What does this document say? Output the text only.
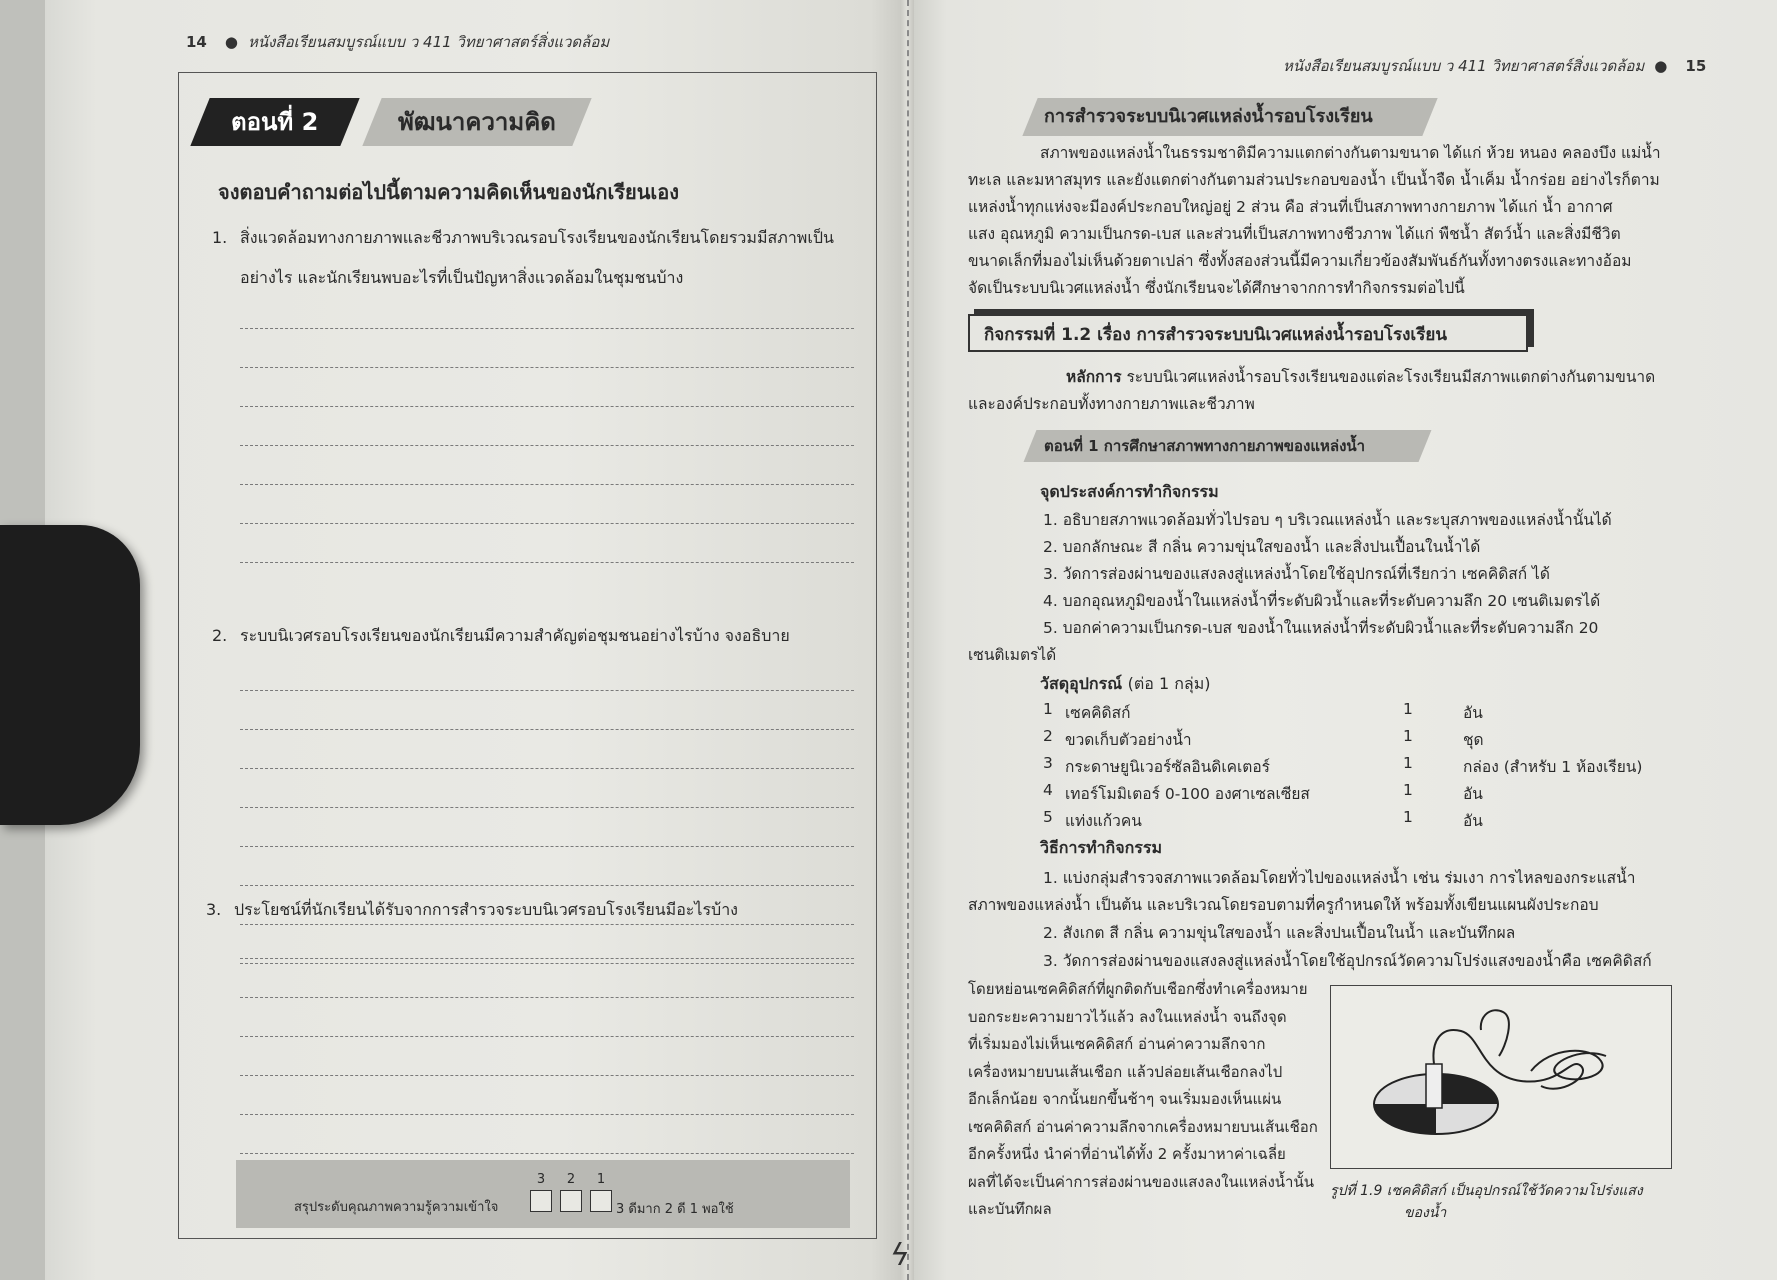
14 ● หนังสือเรียนสมบูรณ์แบบ ว 411 วิทยาศาสตร์สิ่งแวดล้อม
ตอนที่ 2	พัฒนาความคิด
จงตอบคำถามต่อไปนี้ตามความคิดเห็นของนักเรียนเอง
1. สิ่งแวดล้อมทางกายภาพและชีวภาพบริเวณรอบโรงเรียนของนักเรียนโดยรวมมีสภาพเป็น
อย่างไร และนักเรียนพบอะไรที่เป็นปัญหาสิ่งแวดล้อมในชุมชนบ้าง
2. ระบบนิเวศรอบโรงเรียนของนักเรียนมีความสำคัญต่อชุมชนอย่างไรบ้าง จงอธิบาย
3. ประโยชน์ที่นักเรียนได้รับจากการสำรวจระบบนิเวศรอบโรงเรียนมีอะไรบ้าง
สรุประดับคุณภาพความรู้ความเข้าใจ
3 2 1
3 ดีมาก 2 ดี 1 พอใช้
ϟ
หนังสือเรียนสมบูรณ์แบบ ว 411 วิทยาศาสตร์สิ่งแวดล้อม ● 15
การสำรวจระบบนิเวศแหล่งน้ำรอบโรงเรียน
สภาพของแหล่งน้ำในธรรมชาติมีความแตกต่างกันตามขนาด ได้แก่ ห้วย หนอง คลองบึง แม่น้ำ
ทะเล และมหาสมุทร และยังแตกต่างกันตามส่วนประกอบของน้ำ เป็นน้ำจืด น้ำเค็ม น้ำกร่อย อย่างไรก็ตาม
แหล่งน้ำทุกแห่งจะมีองค์ประกอบใหญ่อยู่ 2 ส่วน คือ ส่วนที่เป็นสภาพทางกายภาพ ได้แก่ น้ำ อากาศ
แสง อุณหภูมิ ความเป็นกรด-เบส และส่วนที่เป็นสภาพทางชีวภาพ ได้แก่ พืชน้ำ สัตว์น้ำ และสิ่งมีชีวิต
ขนาดเล็กที่มองไม่เห็นด้วยตาเปล่า ซึ่งทั้งสองส่วนนี้มีความเกี่ยวข้องสัมพันธ์กันทั้งทางตรงและทางอ้อม
จัดเป็นระบบนิเวศแหล่งน้ำ ซึ่งนักเรียนจะได้ศึกษาจากการทำกิจกรรมต่อไปนี้
กิจกรรมที่ 1.2 เรื่อง การสำรวจระบบนิเวศแหล่งน้ำรอบโรงเรียน
หลักการ ระบบนิเวศแหล่งน้ำรอบโรงเรียนของแต่ละโรงเรียนมีสภาพแตกต่างกันตามขนาด
และองค์ประกอบทั้งทางกายภาพและชีวภาพ
ตอนที่ 1 การศึกษาสภาพทางกายภาพของแหล่งน้ำ
จุดประสงค์การทำกิจกรรม
1. อธิบายสภาพแวดล้อมทั่วไปรอบ ๆ บริเวณแหล่งน้ำ และระบุสภาพของแหล่งน้ำนั้นได้
2. บอกลักษณะ สี กลิ่น ความขุ่นใสของน้ำ และสิ่งปนเปื้อนในน้ำได้
3. วัดการส่องผ่านของแสงลงสู่แหล่งน้ำโดยใช้อุปกรณ์ที่เรียกว่า เซคคิดิสก์ ได้
4. บอกอุณหภูมิของน้ำในแหล่งน้ำที่ระดับผิวน้ำและที่ระดับความลึก 20 เซนติเมตรได้
5. บอกค่าความเป็นกรด-เบส ของน้ำในแหล่งน้ำที่ระดับผิวน้ำและที่ระดับความลึก 20
เซนติเมตรได้
วัสดุอุปกรณ์ (ต่อ 1 กลุ่ม)
1 เซคคิดิสก์	1	อัน
2 ขวดเก็บตัวอย่างน้ำ	1	ชุด
3 กระดาษยูนิเวอร์ซัลอินดิเคเตอร์	1	กล่อง (สำหรับ 1 ห้องเรียน)
4 เทอร์โมมิเตอร์ 0-100 องศาเซลเซียส	1	อัน
5 แท่งแก้วคน	1	อัน
วิธีการทำกิจกรรม
1. แบ่งกลุ่มสำรวจสภาพแวดล้อมโดยทั่วไปของแหล่งน้ำ เช่น ร่มเงา การไหลของกระแสน้ำ
สภาพของแหล่งน้ำ เป็นต้น และบริเวณโดยรอบตามที่ครูกำหนดให้ พร้อมทั้งเขียนแผนผังประกอบ
2. สังเกต สี กลิ่น ความขุ่นใสของน้ำ และสิ่งปนเปื้อนในน้ำ และบันทึกผล
3. วัดการส่องผ่านของแสงลงสู่แหล่งน้ำโดยใช้อุปกรณ์วัดความโปร่งแสงของน้ำคือ เซคคิดิสก์
โดยหย่อนเซคคิดิสก์ที่ผูกติดกับเชือกซึ่งทำเครื่องหมาย
บอกระยะความยาวไว้แล้ว ลงในแหล่งน้ำ จนถึงจุด
ที่เริ่มมองไม่เห็นเซคคิดิสก์ อ่านค่าความลึกจาก
เครื่องหมายบนเส้นเชือก แล้วปล่อยเส้นเชือกลงไป
อีกเล็กน้อย จากนั้นยกขึ้นช้าๆ จนเริ่มมองเห็นแผ่น
เซคคิดิสก์ อ่านค่าความลึกจากเครื่องหมายบนเส้นเชือก
อีกครั้งหนึ่ง นำค่าที่อ่านได้ทั้ง 2 ครั้งมาหาค่าเฉลี่ย
ผลที่ได้จะเป็นค่าการส่องผ่านของแสงลงในแหล่งน้ำนั้น
และบันทึกผล
รูปที่ 1.9 เซคคิดิสก์ เป็นอุปกรณ์ใช้วัดความโปร่งแสง
ของน้ำ
